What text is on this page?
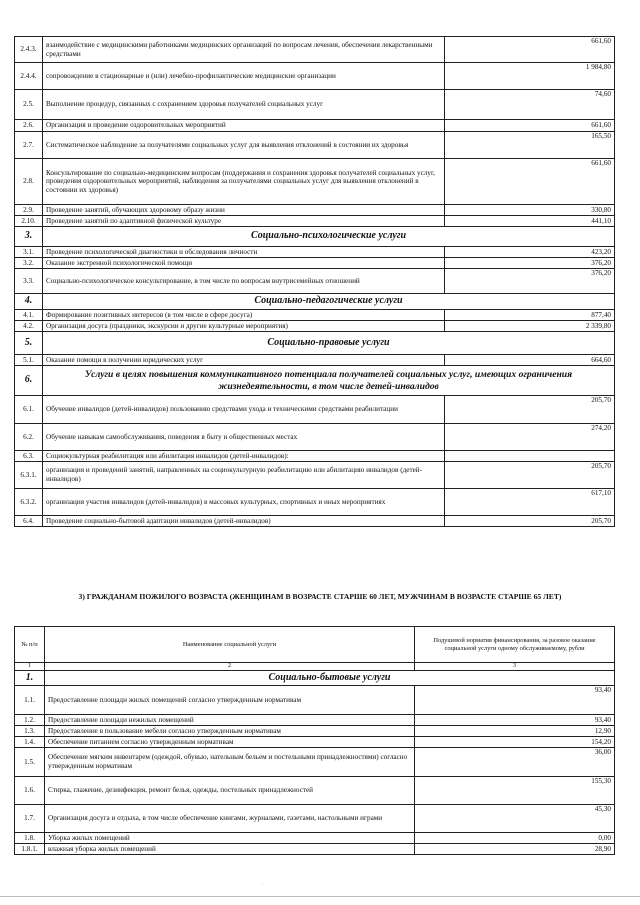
2.4.3.	взаимодействие с медицинскими работниками медицинских организаций по вопросам лечения, обеспечения лекарственными средствами	661,60
2.4.4.	сопровождение в стационарные и (или) лечебно-профилактические медицинские организации	1 984,80
2.5.	Выполнение процедур, связанных с сохранением здоровья получателей социальных услуг	74,60
2.6.	Организация и проведение оздоровительных мероприятий	661,60
2.7.	Систематическое наблюдение за получателями социальных услуг для выявления отклонений в состоянии их здоровья	165,50
2.8.	Консультирование по социально-медицинским вопросам (поддержания и сохранения здоровья получателей социальных услуг, проведения оздоровительных мероприятий, наблюдения за получателями социальных услуг для выявления отклонений в состоянии их здоровья)	661,60
2.9.	Проведение занятий, обучающих здоровому образу жизни	330,80
2.10.	Проведение занятий по адаптивной физической культуре	441,10
3.	Социально-психологические услуги	
3.1.	Проведение психологической диагностики и обследования личности	423,20
3.2.	Оказание экстренной психологической помощи	376,20
3.3.	Социально-психологическое консультирование, в том числе по вопросам внутрисемейных отношений	376,20
4.	Социально-педагогические услуги	
4.1.	Формирование позитивных интересов (в том числе в сфере досуга)	877,40
4.2.	Организация досуга (праздники, экскурсии и другие культурные мероприятия)	2 339,80
5.	Социально-правовые услуги	
5.1.	Оказание помощи в получении юридических услуг	664,60
6.	Услуги в целях повышения коммуникативного потенциала получателей социальных услуг, имеющих ограничения жизнедеятельности, в том числе детей-инвалидов	
6.1.	Обучение инвалидов (детей-инвалидов) пользованию средствами ухода и техническими средствами реабилитации	205,70
6.2.	Обучение навыкам самообслуживания, поведения в быту и общественных местах	274,20
6.3.	Социокультурная реабилитация или абилитация инвалидов (детей-инвалидов):	
6.3.1.	организация и проведений занятий, направленных на социокультурную реабилитацию или абилитацию инвалидов (детей-инвалидов)	205,70
6.3.2.	организация участия инвалидов (детей-инвалидов) в массовых культурных, спортивных и иных мероприятиях	617,10
6.4.	Проведение социально-бытовой адаптации инвалидов (детей-инвалидов)	205,70
3) ГРАЖДАНАМ ПОЖИЛОГО ВОЗРАСТА (ЖЕНЩИНАМ В ВОЗРАСТЕ СТАРШЕ 60 ЛЕТ, МУЖЧИНАМ В ВОЗРАСТЕ СТАРШЕ 65 ЛЕТ)
№ п/п	Наименование социальной услуги	Подушевой норматив финансирования, за разовое оказание социальной услуги одному обслуживаемому, рубли
1	2	3
1.	Социально-бытовые услуги	
1.1.	Предоставление площади жилых помещений согласно утвержденным нормативам	93,40
1.2.	Предоставление площади нежилых помещений	93,40
1.3.	Предоставление в пользование мебели согласно утвержденным нормативам	12,90
1.4.	Обеспечение питанием согласно утвержденным нормативам	154,20
1.5.	Обеспечение мягким инвентарем (одеждой, обувью, нательным бельем и постельными принадлежностями) согласно утвержденным нормативам	36,00
1.6.	Стирка, глажение, дезинфекция, ремонт белья, одежды, постельных принадлежностей	155,30
1.7.	Организация досуга и отдыха, в том числе обеспечение книгами, журналами, газетами, настольными играми	45,30
1.8.	Уборка жилых помещений	0,00
1.8.1.	влажная уборка жилых помещений	28,90
·
